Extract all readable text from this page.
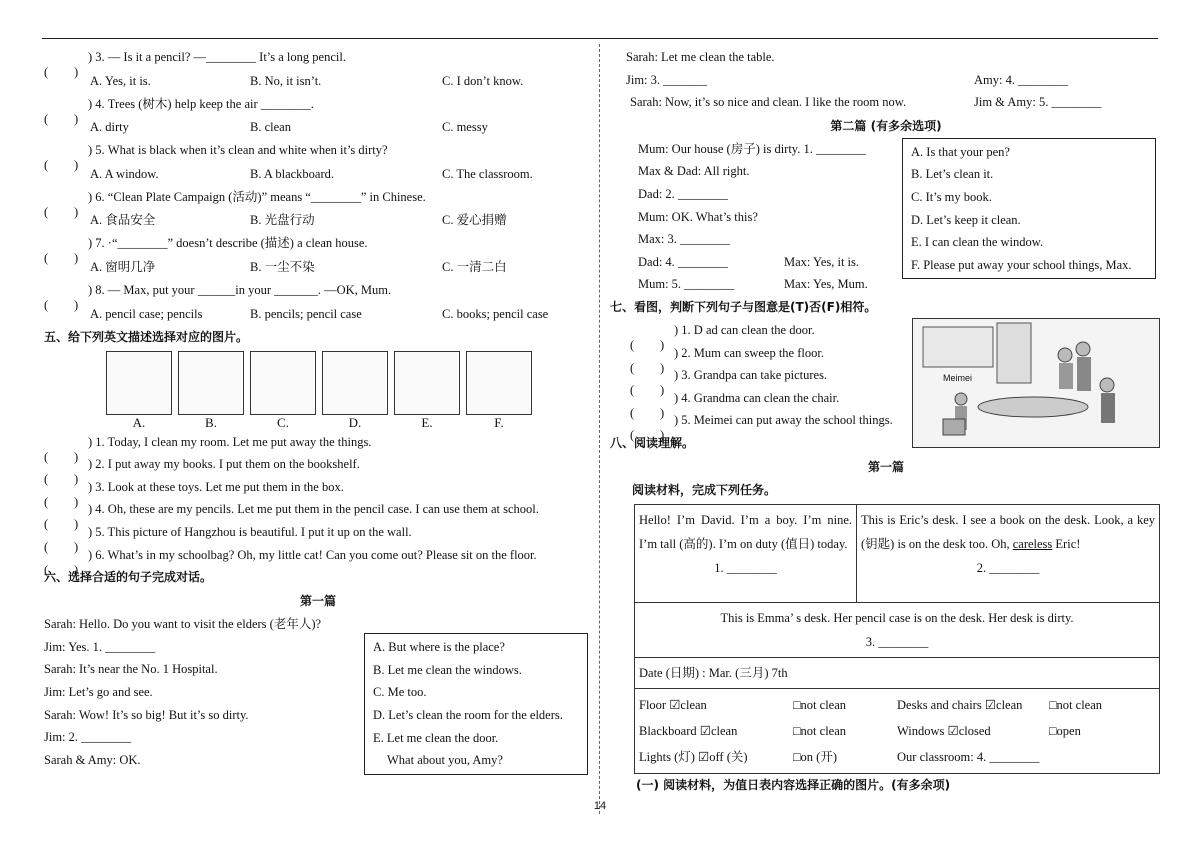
) 3.
— Is it a pencil? —________ It’s a long pencil.
A. Yes, it is.	B. No, it isn’t.	C. I don’t know.
) 4.
Trees (树木) help keep the air ________.
A. dirty	B. clean	C. messy
) 5.
What is black when it’s clean and white when it’s dirty?
A. A window.	B. A blackboard.	C. The classroom.
) 6.
“Clean Plate Campaign (活动)” means “________” in Chinese.
A. 食品安全	B. 光盘行动	C. 爱心捐赠
) 7.
·“________” doesn’t describe (描述) a clean house.
A. 窗明几净	B. 一尘不染	C. 一清二白
) 8.
— Max, put your ______in your _______. —OK, Mum.
A. pencil case; pencils	B. pencils; pencil case	C. books; pencil case
五、给下列英文描述选择对应的图片。
A.	B.	C.	D.	E.	F.
) 1. Today, I clean my room. Let me put away the things.
) 2. I put away my books. I put them on the bookshelf.
) 3. Look at these toys. Let me put them in the box.
) 4. Oh, these are my pencils. Let me put them in the pencil case. I can use them at school.
) 5. This picture of Hangzhou is beautiful. I put it up on the wall.
) 6. What’s in my schoolbag? Oh, my little cat! Can you come out? Please sit on the floor.
六、选择合适的句子完成对话。
第一篇
Sarah: Hello. Do you want to visit the elders (老年人)?
Jim: Yes. 1. ________
Sarah: It’s near the No. 1 Hospital.
Jim: Let’s go and see.
Sarah: Wow! It’s so big! But it’s so dirty.
Jim: 2. ________
Sarah & Amy: OK.
A. But where is the place?
B. Let me clean the windows.
C. Me too.
D. Let’s clean the room for the elders.
E. Let me clean the door.
What about you, Amy?
Sarah: Let me clean the table.
Jim: 3. _______	Amy: 4. ________
Sarah: Now, it’s so nice and clean. I like the room now.	Jim & Amy: 5. ________
第二篇 (有多余选项)
Mum: Our house (房子) is dirty. 1. ________
Max & Dad: All right.
Dad: 2. ________
Mum: OK. What’s this?
Max: 3. ________
Dad: 4. ________	Max: Yes, it is.
Mum: 5. ________	Max: Yes, Mum.
A. Is that your pen?
B. Let’s clean it.
C. It’s my book.
D. Let’s keep it clean.
E. I can clean the window.
F. Please put away your school things, Max.
七、看图，判断下列句子与图意是(T)否(F)相符。
) 1. D ad can clean the door.
) 2. Mum can sweep the floor.
) 3. Grandpa can take pictures.
) 4. Grandma can clean the chair.
) 5. Meimei can put away the school things.
八、阅读理解。
第一篇
阅读材料，完成下列任务。
Hello! I’m David. I’m a boy. I’m nine. I’m tall (高的). I’m on duty (值日) today.
1. ________
	This is Eric’s desk. I see a book on the desk. Look, a key (钥匙) is on the desk too. Oh, careless Eric!
2. ________

This is Emma’ s desk. Her pencil case is on the desk. Her desk is dirty.
3. ________

Date (日期) : Mar. (三月) 7th

Floor ☑clean	□not clean	Desks and chairs ☑clean	□not clean
Blackboard ☑clean	□not clean	Windows ☑closed	□open
Lights (灯) ☑off (关)	□on (开)	Our classroom: 4. ________
(一) 阅读材料，为值日表内容选择正确的图片。(有多余项)
Meimei
14
